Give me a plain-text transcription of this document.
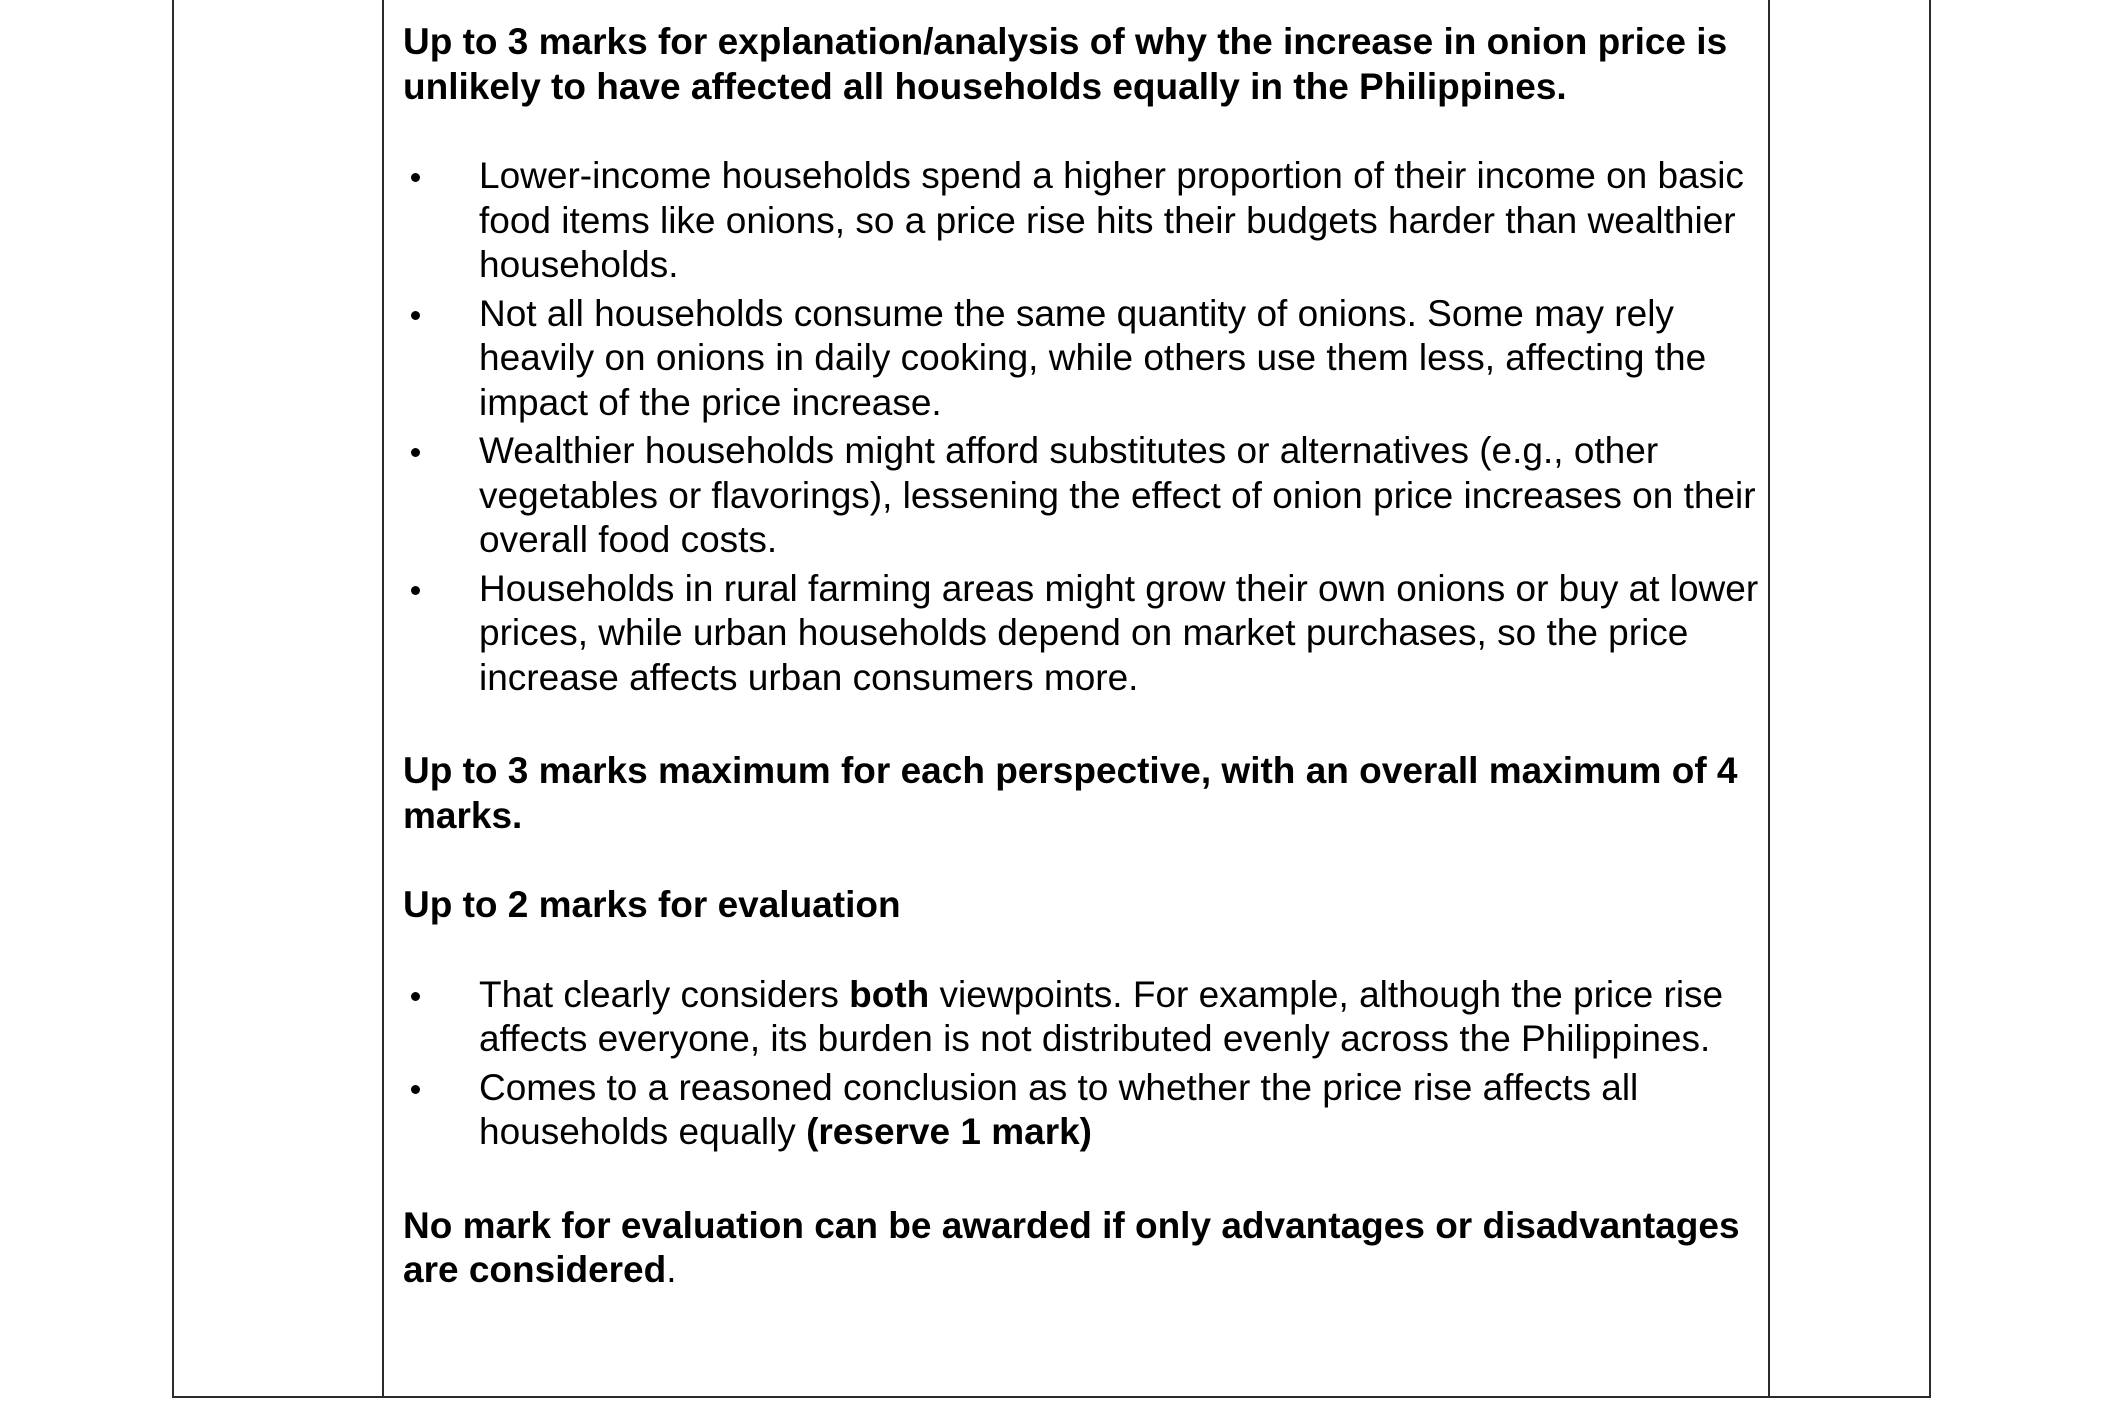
Up to 3 marks for explanation/analysis of why the increase in onion price is unlikely to have affected all households equally in the Philippines.

Lower-income households spend a higher proportion of their income on basic food items like onions, so a price rise hits their budgets harder than wealthier households.
Not all households consume the same quantity of onions. Some may rely heavily on onions in daily cooking, while others use them less, affecting the impact of the price increase.
Wealthier households might afford substitutes or alternatives (e.g., other vegetables or flavorings), lessening the effect of onion price increases on their overall food costs.
Households in rural farming areas might grow their own onions or buy at lower prices, while urban households depend on market purchases, so the price increase affects urban consumers more.

Up to 3 marks maximum for each perspective, with an overall maximum of 4 marks.

Up to 2 marks for evaluation

That clearly considers both viewpoints. For example, although the price rise affects everyone, its burden is not distributed evenly across the Philippines.
Comes to a reasoned conclusion as to whether the price rise affects all households equally (reserve 1 mark)

No mark for evaluation can be awarded if only advantages or disadvantages are considered.
